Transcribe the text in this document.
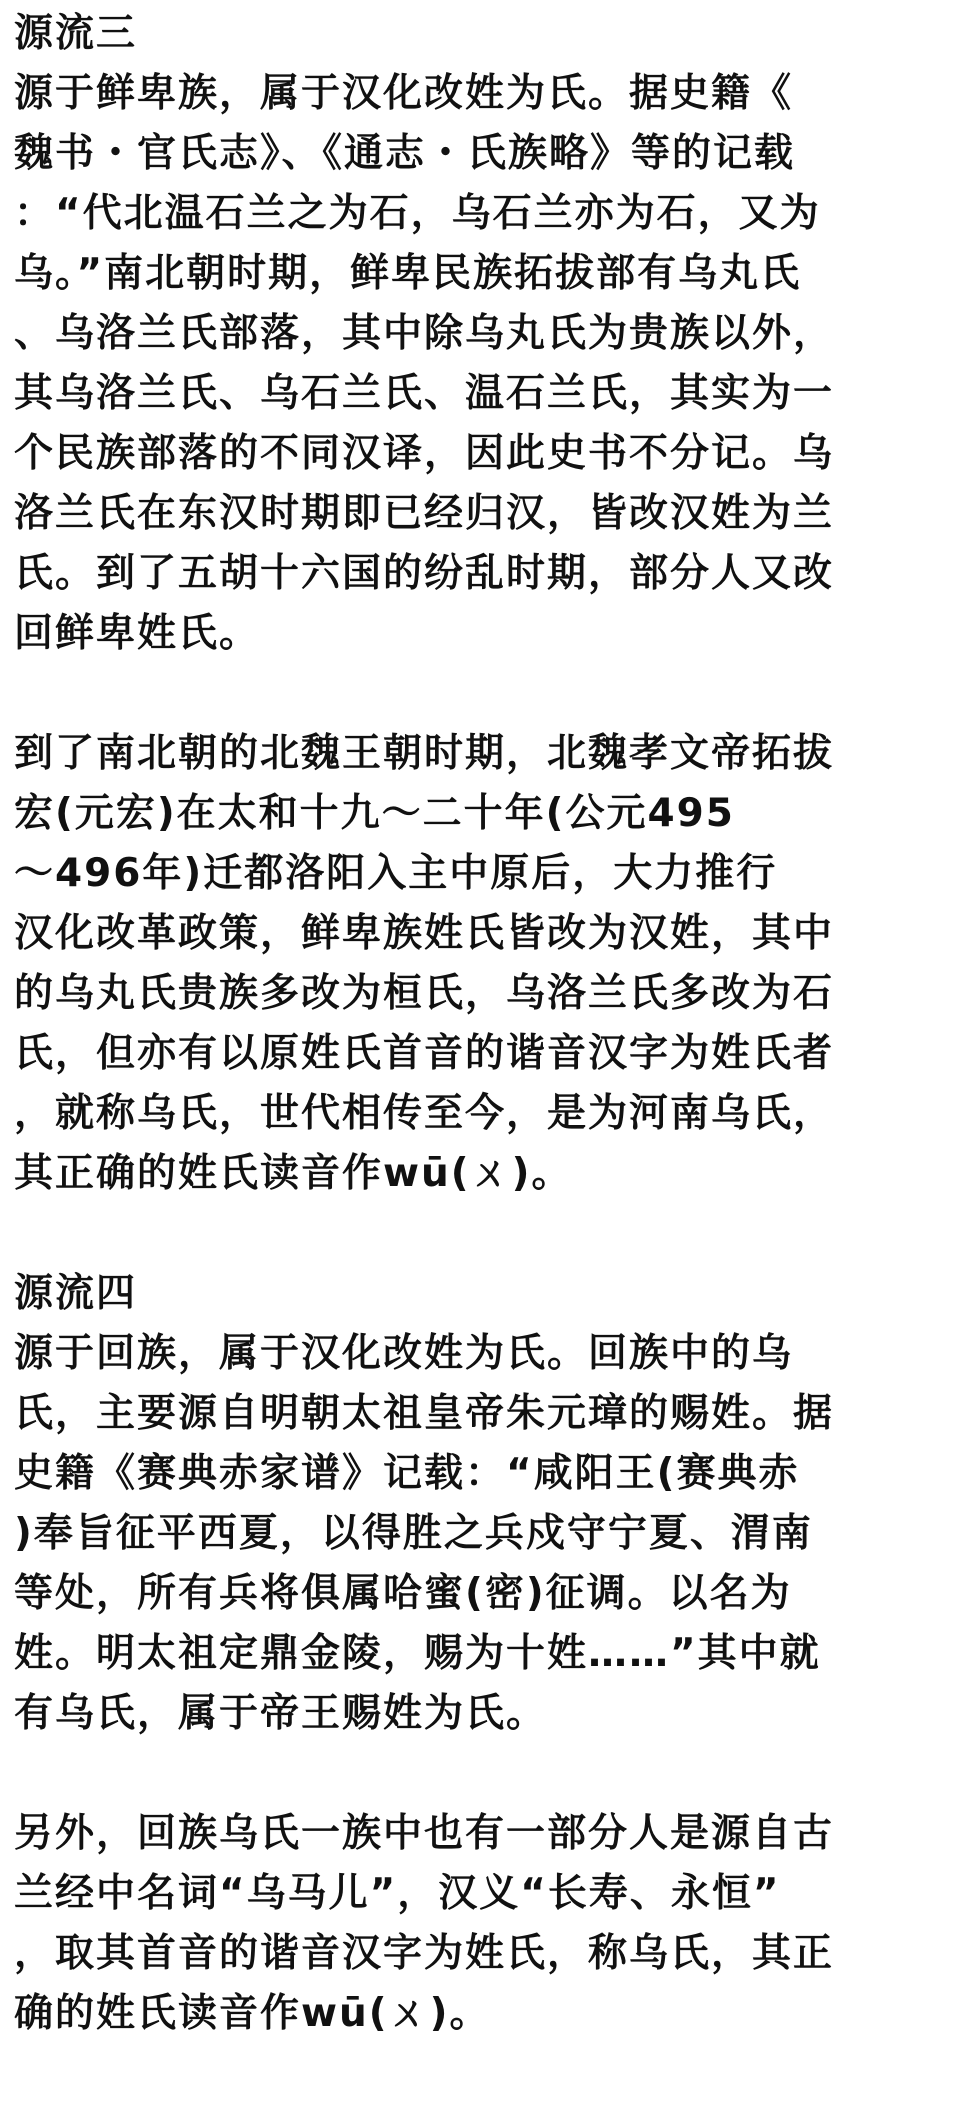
源流三
源于鲜卑族，属于汉化改姓为氏。据史籍《
魏书・官氏志》、《通志・氏族略》等的记载
：“代北温石兰之为石，乌石兰亦为石，又为
乌。”南北朝时期，鲜卑民族拓拔部有乌丸氏
、乌洛兰氏部落，其中除乌丸氏为贵族以外，
其乌洛兰氏、乌石兰氏、温石兰氏，其实为一
个民族部落的不同汉译，因此史书不分记。乌
洛兰氏在东汉时期即已经归汉，皆改汉姓为兰
氏。到了五胡十六国的纷乱时期，部分人又改
回鲜卑姓氏。
到了南北朝的北魏王朝时期，北魏孝文帝拓拔
宏(元宏)在太和十九～二十年(公元495
～496年)迁都洛阳入主中原后，大力推行
汉化改革政策，鲜卑族姓氏皆改为汉姓，其中
的乌丸氏贵族多改为桓氏，乌洛兰氏多改为石
氏，但亦有以原姓氏首音的谐音汉字为姓氏者
，就称乌氏，世代相传至今，是为河南乌氏，
其正确的姓氏读音作wū(ㄨ)。
源流四
源于回族，属于汉化改姓为氏。回族中的乌
氏，主要源自明朝太祖皇帝朱元璋的赐姓。据
史籍《赛典赤家谱》记载：“咸阳王(赛典赤
)奉旨征平西夏，以得胜之兵戍守宁夏、渭南
等处，所有兵将俱属哈蜜(密)征调。以名为
姓。明太祖定鼎金陵，赐为十姓……”其中就
有乌氏，属于帝王赐姓为氏。
另外，回族乌氏一族中也有一部分人是源自古
兰经中名词“乌马儿”，汉义“长寿、永恒”
，取其首音的谐音汉字为姓氏，称乌氏，其正
确的姓氏读音作wū(ㄨ)。
